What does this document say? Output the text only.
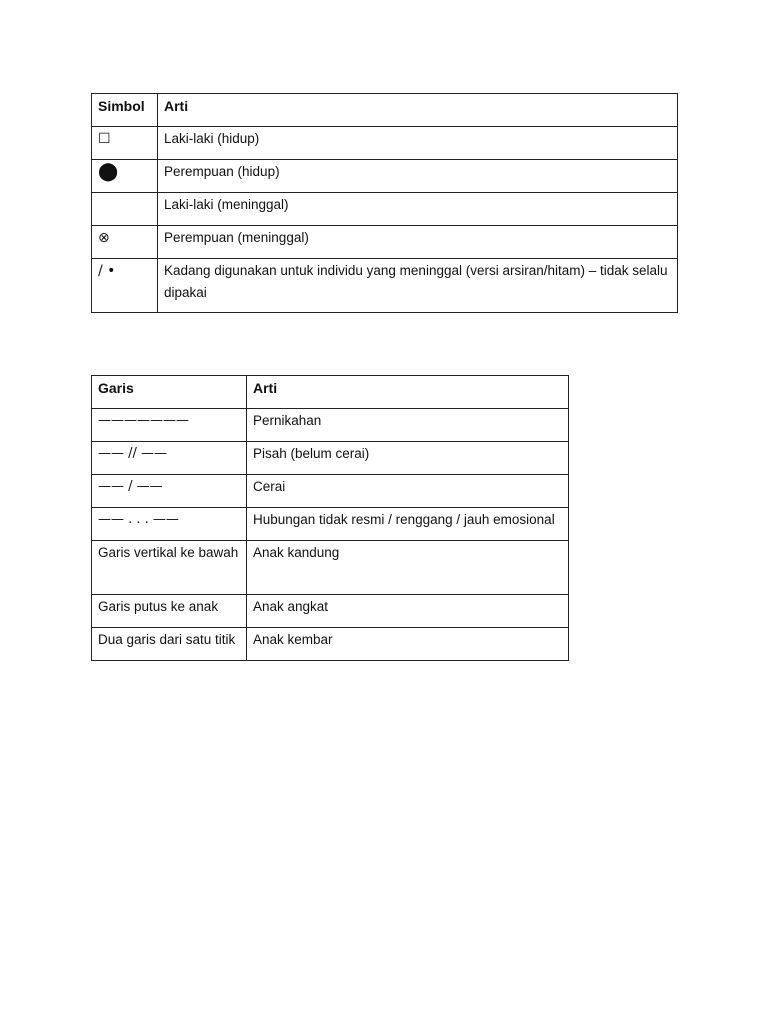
Simbol	Arti
☐	Laki-laki (hidup)
⬤	Perempuan (hidup)
	Laki-laki (meninggal)
⊗	Perempuan (meninggal)
/ •	Kadang digunakan untuk individu yang meninggal (versi arsiran/hitam) – tidak selalu dipakai
Garis	Arti
———————	Pernikahan
—— // ——	Pisah (belum cerai)
—— / ——	Cerai
—— . . . ——	Hubungan tidak resmi / renggang / jauh emosional
Garis vertikal ke bawah	Anak kandung
Garis putus ke anak	Anak angkat
Dua garis dari satu titik	Anak kembar
